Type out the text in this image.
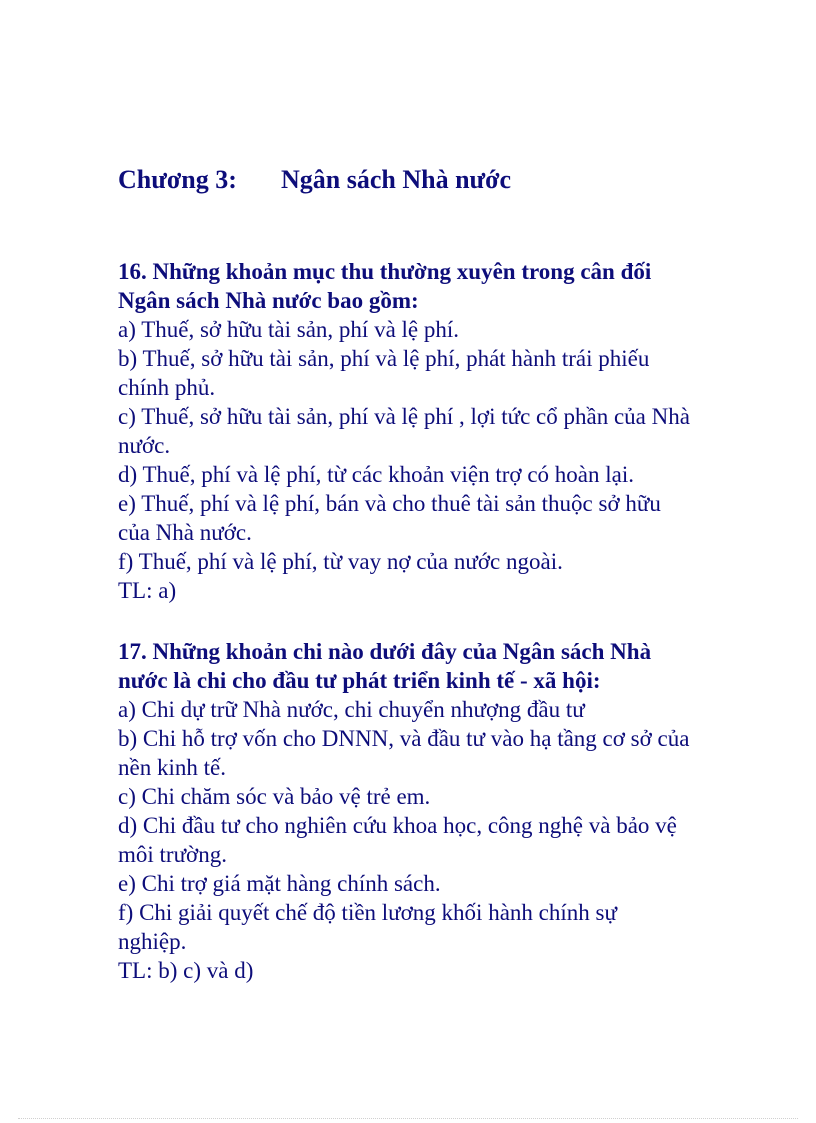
Chương 3: Ngân sách Nhà nước

16. Những khoản mục thu thường xuyên trong cân đối

Ngân sách Nhà nước bao gồm:

a) Thuế, sở hữu tài sản, phí và lệ phí.

b) Thuế, sở hữu tài sản, phí và lệ phí, phát hành trái phiếu

chính phủ.

c) Thuế, sở hữu tài sản, phí và lệ phí , lợi tức cổ phần của Nhà

nước.

d) Thuế, phí và lệ phí, từ các khoản viện trợ có hoàn lại.

e) Thuế, phí và lệ phí, bán và cho thuê tài sản thuộc sở hữu

của Nhà nước.

f) Thuế, phí và lệ phí, từ vay nợ của nước ngoài.

TL: a)

17. Những khoản chi nào dưới đây của Ngân sách Nhà

nước là chi cho đầu tư phát triển kinh tế - xã hội:

a) Chi dự trữ Nhà nước, chi chuyển nhượng đầu tư

b) Chi hỗ trợ vốn cho DNNN, và đầu tư vào hạ tầng cơ sở của

nền kinh tế.

c) Chi chăm sóc và bảo vệ trẻ em.

d) Chi đầu tư cho nghiên cứu khoa học, công nghệ và bảo vệ

môi trường.

e) Chi trợ giá mặt hàng chính sách.

f) Chi giải quyết chế độ tiền lương khối hành chính sự

nghiệp.

TL: b) c) và d)
